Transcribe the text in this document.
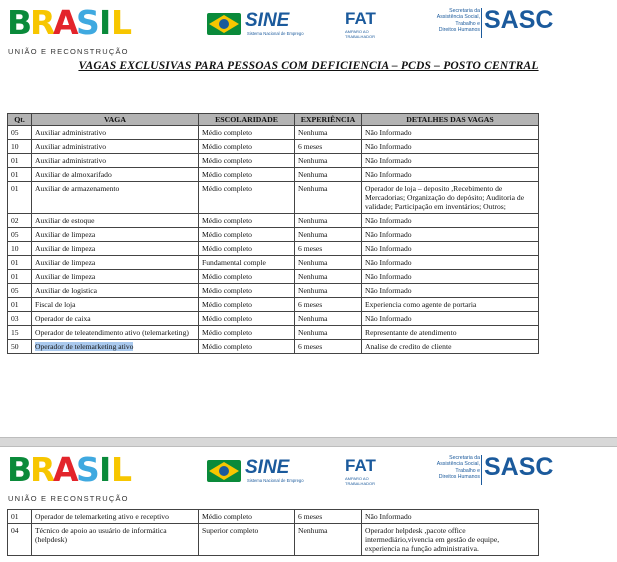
B
R
A
S I L
UNIÃO E RECONSTRUÇÃO
SINE
Sistema Nacional de Emprego
FAT
AMPARO AO TRABALHADOR
Secretaria da
Assistência Social,
Trabalho e
Direitos Humanos SASC
VAGAS EXCLUSIVAS PARA PESSOAS COM DEFICIENCIA – PCDS – POSTO CENTRAL
Qt.	VAGA	ESCOLARIDADE	EXPERIÊNCIA	DETALHES DAS VAGAS
05	Auxiliar administrativo	Médio completo	Nenhuma	Não Informado
10	Auxiliar administrativo	Médio completo	6 meses	Não Informado
01	Auxiliar administrativo	Médio completo	Nenhuma	Não Informado
01	Auxiliar de almoxarifado	Médio completo	Nenhuma	Não Informado
01	Auxiliar de armazenamento	Médio completo	Nenhuma	Operador de loja – deposito ,Recebimento de Mercadorias; Organização do depósito; Auditoria de validade; Participação em inventários; Outros;
02	Auxiliar de estoque	Médio completo	Nenhuma	Não Informado
05	Auxiliar de limpeza	Médio completo	Nenhuma	Não Informado
10	Auxiliar de limpeza	Médio completo	6 meses	Não Informado
01	Auxiliar de limpeza	Fundamental comple	Nenhuma	Não Informado
01	Auxiliar de limpeza	Médio completo	Nenhuma	Não Informado
05	Auxiliar de logistica	Médio completo	Nenhuma	Não Informado
01	Fiscal de loja	Médio completo	6 meses	Experiencia como agente de portaria
03	Operador de caixa	Médio completo	Nenhuma	Não Informado
15	Operador de teleatendimento ativo (telemarketing)	Médio completo	Nenhuma	Representante de atendimento
50	Operador de telemarketing ativo	Médio completo	6 meses	Analise de credito de cliente
B
R
A
S I L
UNIÃO E RECONSTRUÇÃO
SINE
Sistema Nacional de Emprego
FAT
AMPARO AO TRABALHADOR
Secretaria da
Assistência Social,
Trabalho e
Direitos Humanos SASC
01	Operador de telemarketing ativo e receptivo	Médio completo	6 meses	Não Informado
04	Técnico de apoio ao usuário de informática (helpdesk)	Superior completo	Nenhuma	Operador helpdesk ,pacote office intermediário,vivencia em gestão de equipe, experiencia na função administrativa.
